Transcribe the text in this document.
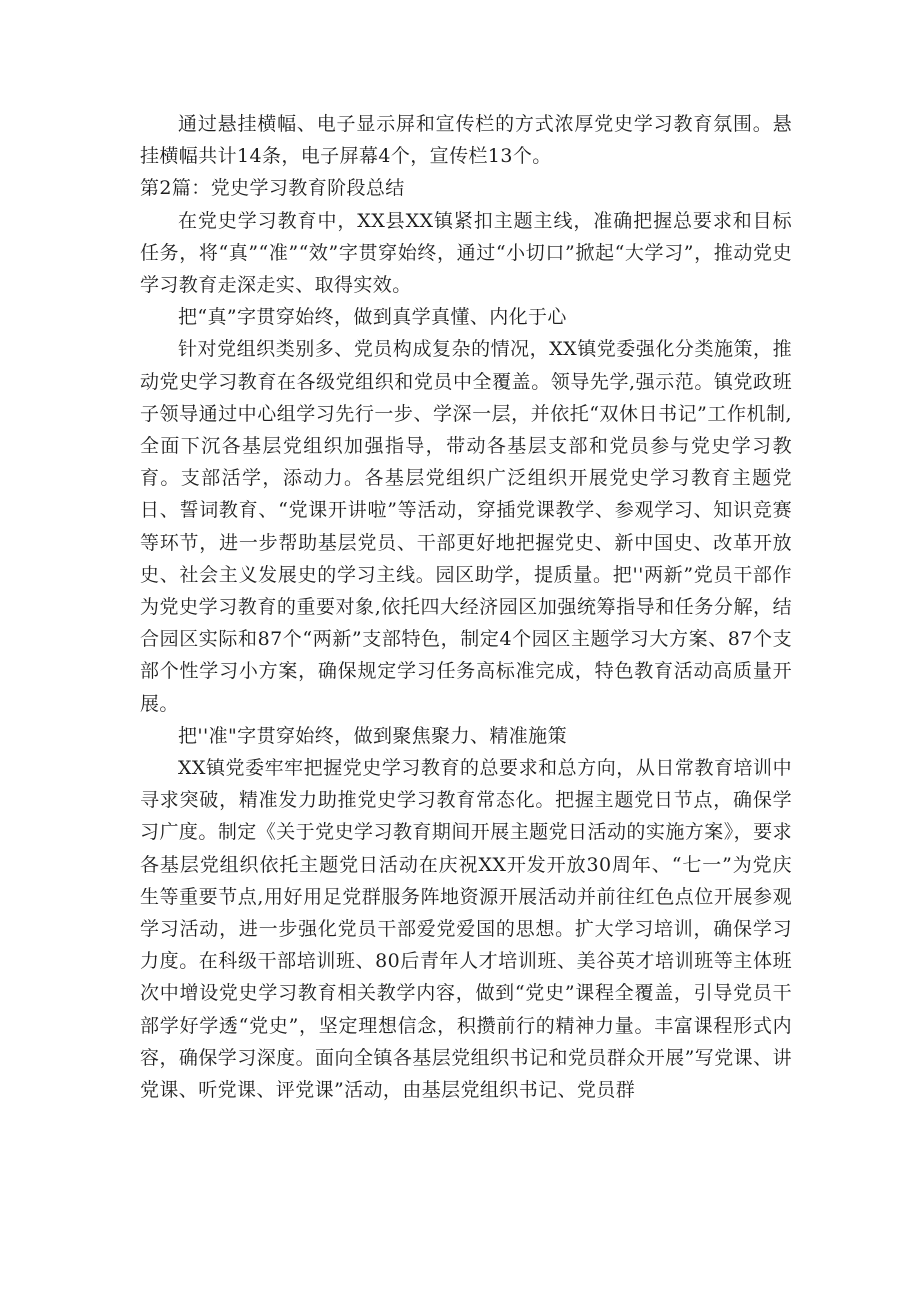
通过悬挂横幅、电子显示屏和宣传栏的方式浓厚党史学习教育氛围。悬挂横幅共计14条，电子屏幕4个，宣传栏13个。

第2篇：党史学习教育阶段总结

在党史学习教育中，XX县XX镇紧扣主题主线，准确把握总要求和目标任务，将“真”“准”“效”字贯穿始终，通过“小切口”掀起“大学习”，推动党史学习教育走深走实、取得实效。

把“真”字贯穿始终，做到真学真懂、内化于心

针对党组织类别多、党员构成复杂的情况，XX镇党委强化分类施策，推动党史学习教育在各级党组织和党员中全覆盖。领导先学,强示范。镇党政班子领导通过中心组学习先行一步、学深一层，并依托“双休日书记”工作机制,全面下沉各基层党组织加强指导，带动各基层支部和党员参与党史学习教育。支部活学，添动力。各基层党组织广泛组织开展党史学习教育主题党日、誓词教育、“党课开讲啦”等活动，穿插党课教学、参观学习、知识竞赛等环节，进一步帮助基层党员、干部更好地把握党史、新中国史、改革开放史、社会主义发展史的学习主线。园区助学，提质量。把''两新”党员干部作为党史学习教育的重要对象,依托四大经济园区加强统筹指导和任务分解，结合园区实际和87个“两新”支部特色，制定4个园区主题学习大方案、87个支部个性学习小方案，确保规定学习任务高标准完成，特色教育活动高质量开展。

把''准"字贯穿始终，做到聚焦聚力、精准施策

XX镇党委牢牢把握党史学习教育的总要求和总方向，从日常教育培训中寻求突破，精准发力助推党史学习教育常态化。把握主题党日节点，确保学习广度。制定《关于党史学习教育期间开展主题党日活动的实施方案》，要求各基层党组织依托主题党日活动在庆祝XX开发开放30周年、“七一”为党庆生等重要节点,用好用足党群服务阵地资源开展活动并前往红色点位开展参观学习活动，进一步强化党员干部爱党爱国的思想。扩大学习培训，确保学习力度。在科级干部培训班、80后青年人才培训班、美谷英才培训班等主体班次中增设党史学习教育相关教学内容，做到“党史”课程全覆盖，引导党员干部学好学透“党史”，坚定理想信念，积攒前行的精神力量。丰富课程形式内容，确保学习深度。面向全镇各基层党组织书记和党员群众开展”写党课、讲党课、听党课、评党课”活动，由基层党组织书记、党员群
